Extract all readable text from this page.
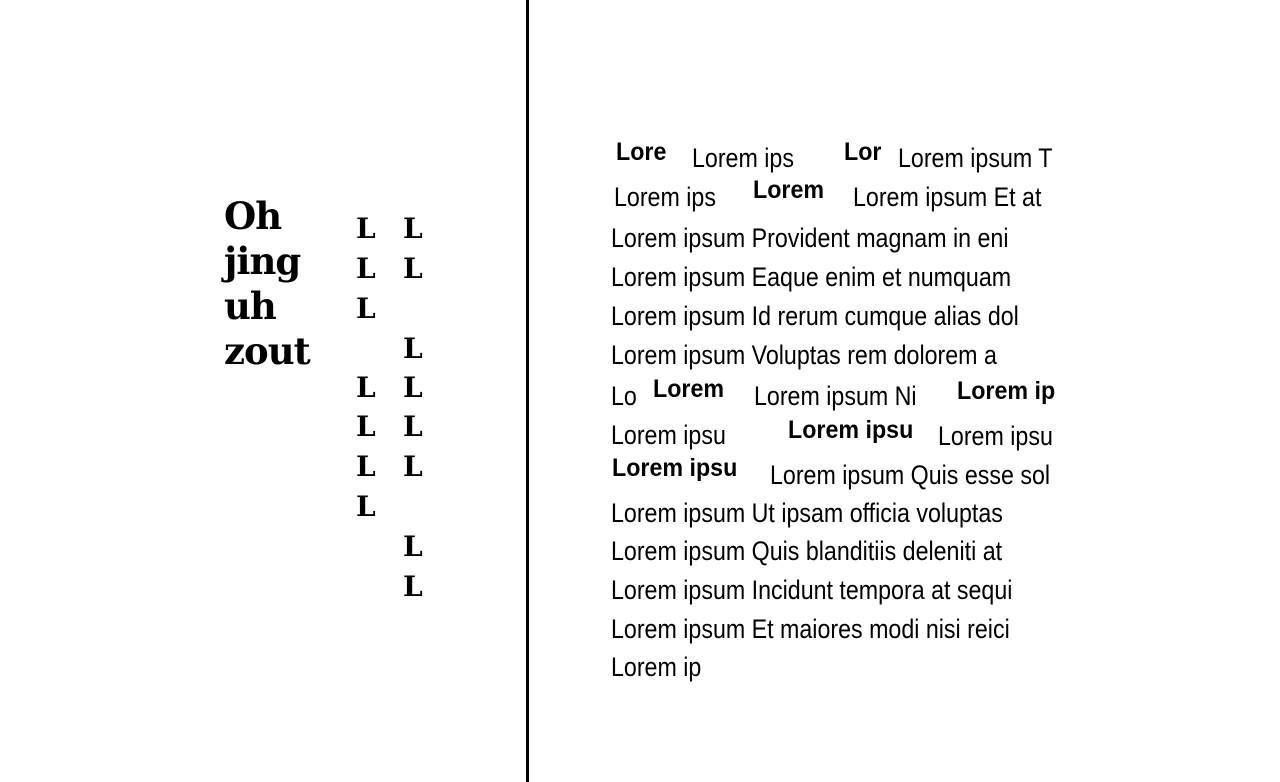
Oh
jing
uh
zout
L
L
L
L
L
L
L
L
L
L
L
L
L
L
L
Lore Lorem ips Lor Lorem ipsum T
Lorem ips Lorem Lorem ipsum Et at
Lorem ipsum Provident magnam in eni
Lorem ipsum Eaque enim et numquam
Lorem ipsum Id rerum cumque alias dol
Lorem ipsum Voluptas rem dolorem a
Lo Lorem Lorem ipsum Ni Lorem ip
Lorem ipsu Lorem ipsu Lorem ipsu
Lorem ipsu Lorem ipsum Quis esse sol
Lorem ipsum Ut ipsam officia voluptas
Lorem ipsum Quis blanditiis deleniti at
Lorem ipsum Incidunt tempora at sequi
Lorem ipsum Et maiores modi nisi reici
Lorem ip
